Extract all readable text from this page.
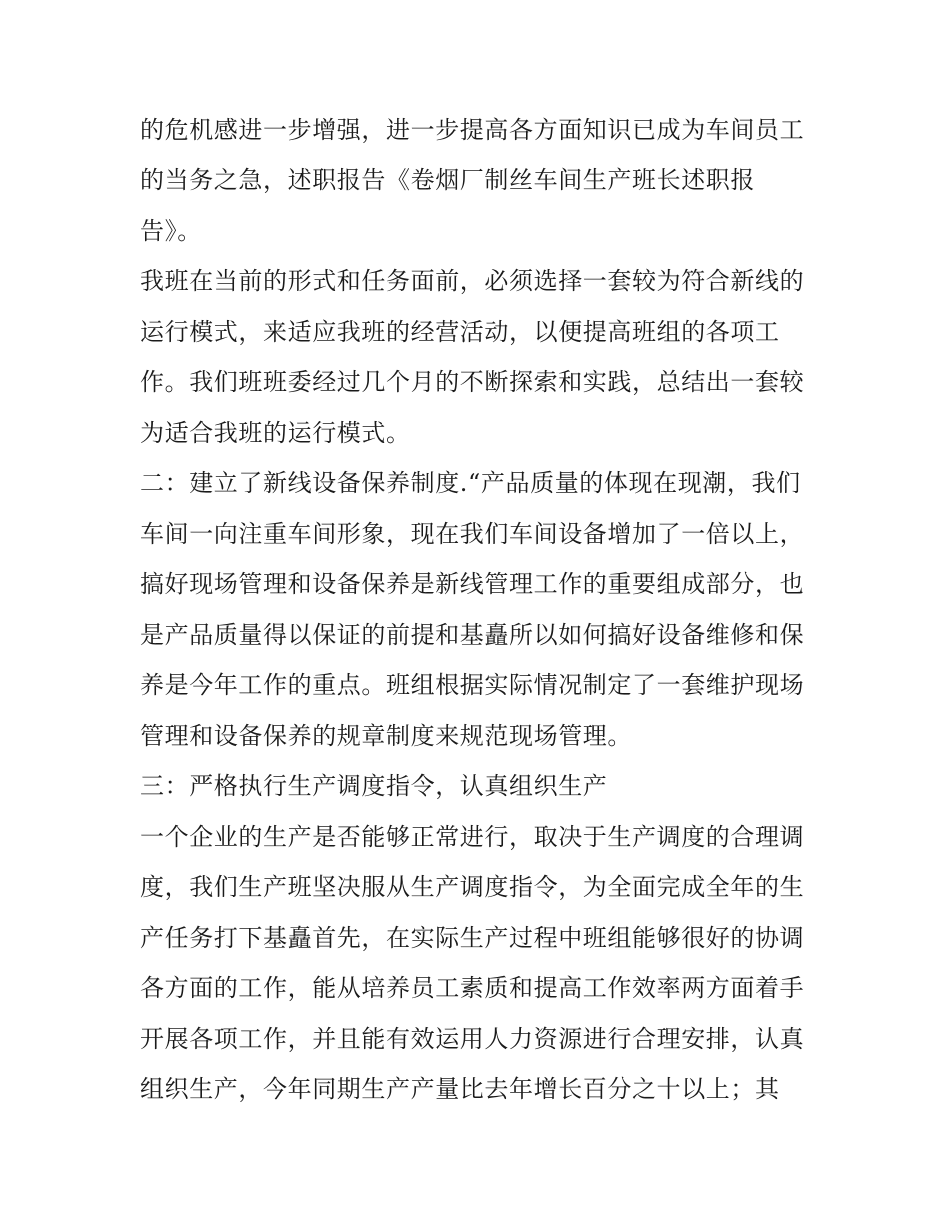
的危机感进一步增强，进一步提高各方面知识已成为车间员工
的当务之急，述职报告《卷烟厂制丝车间生产班长述职报
告》。
我班在当前的形式和任务面前，必须选择一套较为符合新线的
运行模式，来适应我班的经营活动，以便提高班组的各项工
作。我们班班委经过几个月的不断探索和实践，总结出一套较
为适合我班的运行模式。
二：建立了新线设备保养制度.“产品质量的体现在现潮，我们
车间一向注重车间形象，现在我们车间设备增加了一倍以上，
搞好现场管理和设备保养是新线管理工作的重要组成部分，也
是产品质量得以保证的前提和基矗所以如何搞好设备维修和保
养是今年工作的重点。班组根据实际情况制定了一套维护现场
管理和设备保养的规章制度来规范现场管理。
三：严格执行生产调度指令，认真组织生产
一个企业的生产是否能够正常进行，取决于生产调度的合理调
度，我们生产班坚决服从生产调度指令，为全面完成全年的生
产任务打下基矗首先，在实际生产过程中班组能够很好的协调
各方面的工作，能从培养员工素质和提高工作效率两方面着手
开展各项工作，并且能有效运用人力资源进行合理安排，认真
组织生产，今年同期生产产量比去年增长百分之十以上；其
